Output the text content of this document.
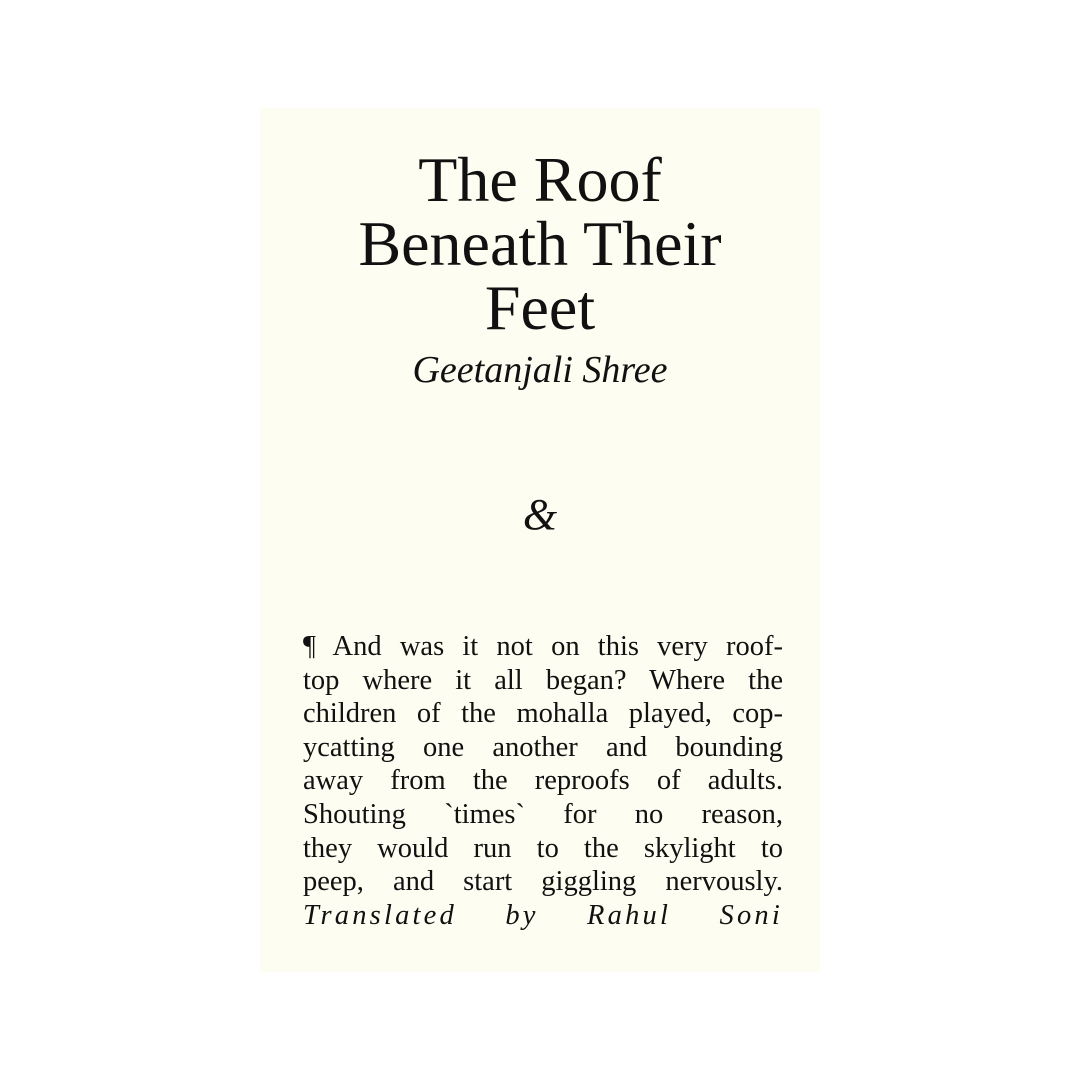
The Roof
Beneath Their
Feet
Geetanjali Shree
&
¶ And was it not on this very roof-
top where it all began? Where the
children of the mohalla played, cop-
ycatting one another and bounding
away from the reproofs of adults.
Shouting `times` for no reason,
they would run to the skylight to
peep, and start giggling nervously.
Translated by Rahul Soni
